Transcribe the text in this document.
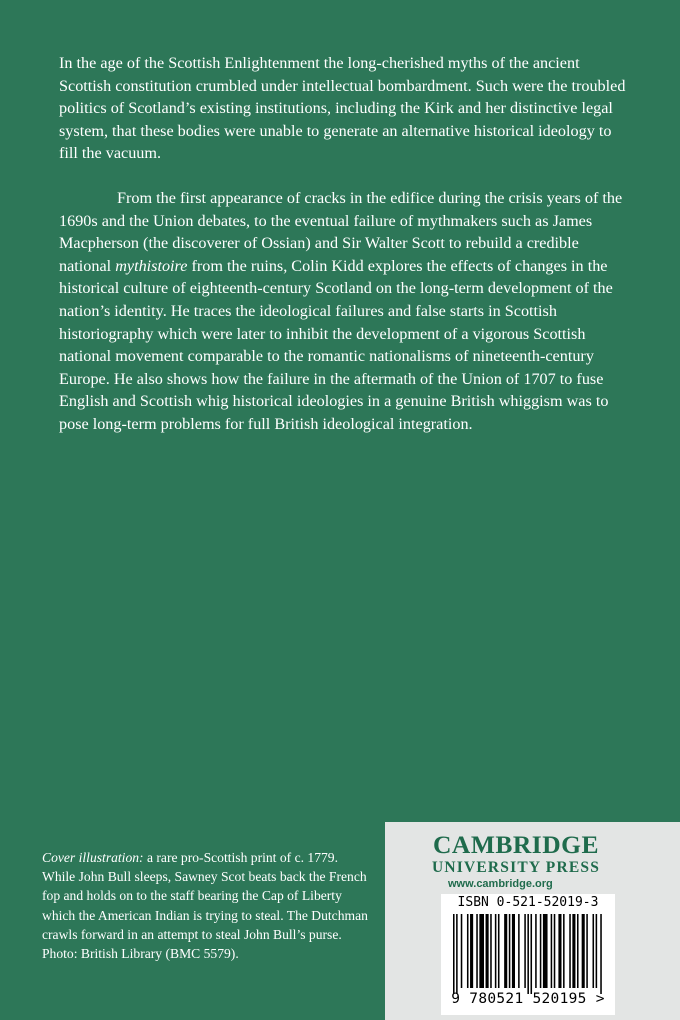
In the age of the Scottish Enlightenment the long-cherished myths of the ancient Scottish constitution crumbled under intellectual bombardment. Such were the troubled politics of Scotland’s existing institutions, including the Kirk and her distinctive legal system, that these bodies were unable to generate an alternative historical ideology to fill the vacuum.

From the first appearance of cracks in the edifice during the crisis years of the 1690s and the Union debates, to the eventual failure of mythmakers such as James Macpherson (the discoverer of Ossian) and Sir Walter Scott to rebuild a credible national mythistoire from the ruins, Colin Kidd explores the effects of changes in the historical culture of eighteenth-century Scotland on the long-term development of the nation’s identity. He traces the ideological failures and false starts in Scottish historiography which were later to inhibit the development of a vigorous Scottish national movement comparable to the romantic nationalisms of nineteenth-century Europe. He also shows how the failure in the aftermath of the Union of 1707 to fuse English and Scottish whig historical ideologies in a genuine British whiggism was to pose long-term problems for full British ideological integration.

Cover illustration: a rare pro-Scottish print of c. 1779. While John Bull sleeps, Sawney Scot beats back the French fop and holds on to the staff bearing the Cap of Liberty which the American Indian is trying to steal. The Dutchman crawls forward in an attempt to steal John Bull’s purse. Photo: British Library (BMC 5579).
CAMBRIDGE
UNIVERSITY PRESS
www.cambridge.org
ISBN 0-521-52019-3
9 780521 520195 >
